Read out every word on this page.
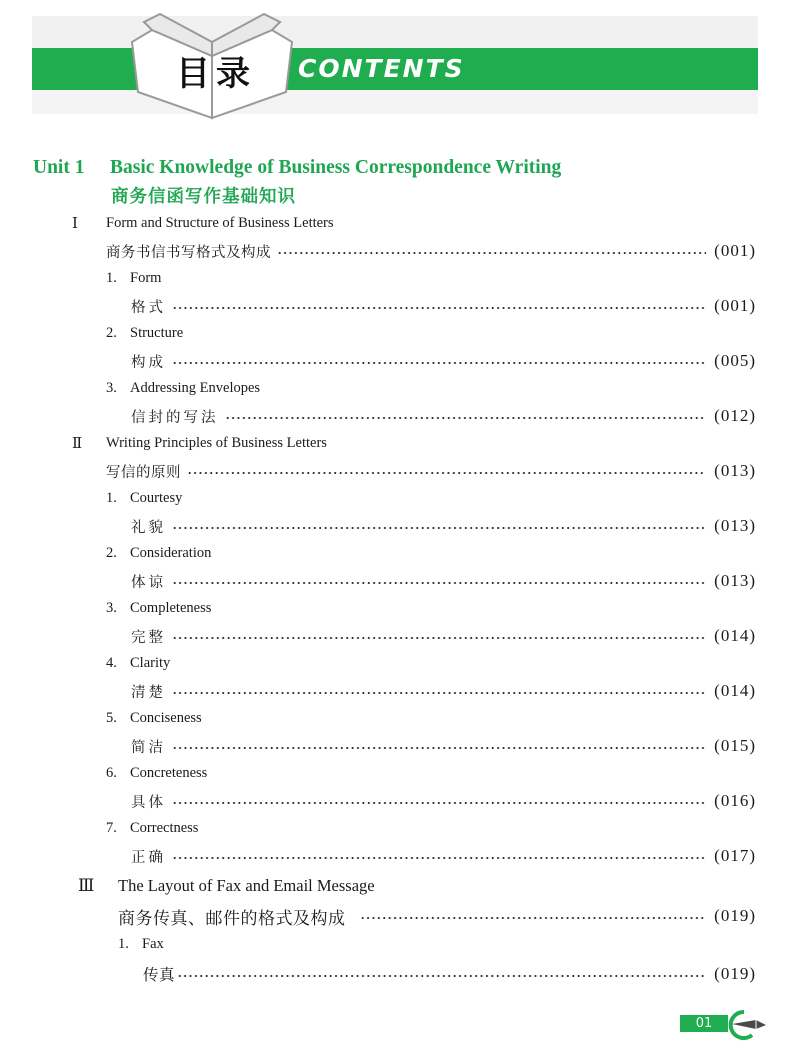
目录 CONTENTS
Unit 1 Basic Knowledge of Business Correspondence Writing
商务信函写作基础知识
Ⅰ	Form and Structure of Business Letters
商务书信书写格式及构成	(001)
1. Form
格式	(001)
2. Structure
构成	(005)
3. Addressing Envelopes
信封的写法	(012)
Ⅱ	Writing Principles of Business Letters
写信的原则	(013)
1. Courtesy
礼貌	(013)
2. Consideration
体谅	(013)
3. Completeness
完整	(014)
4. Clarity
清楚	(014)
5. Conciseness
简洁	(015)
6. Concreteness
具体	(016)
7. Correctness
正确	(017)
Ⅲ	The Layout of Fax and Email Message
商务传真、邮件的格式及构成	(019)
1. Fax
传真	(019)
01
